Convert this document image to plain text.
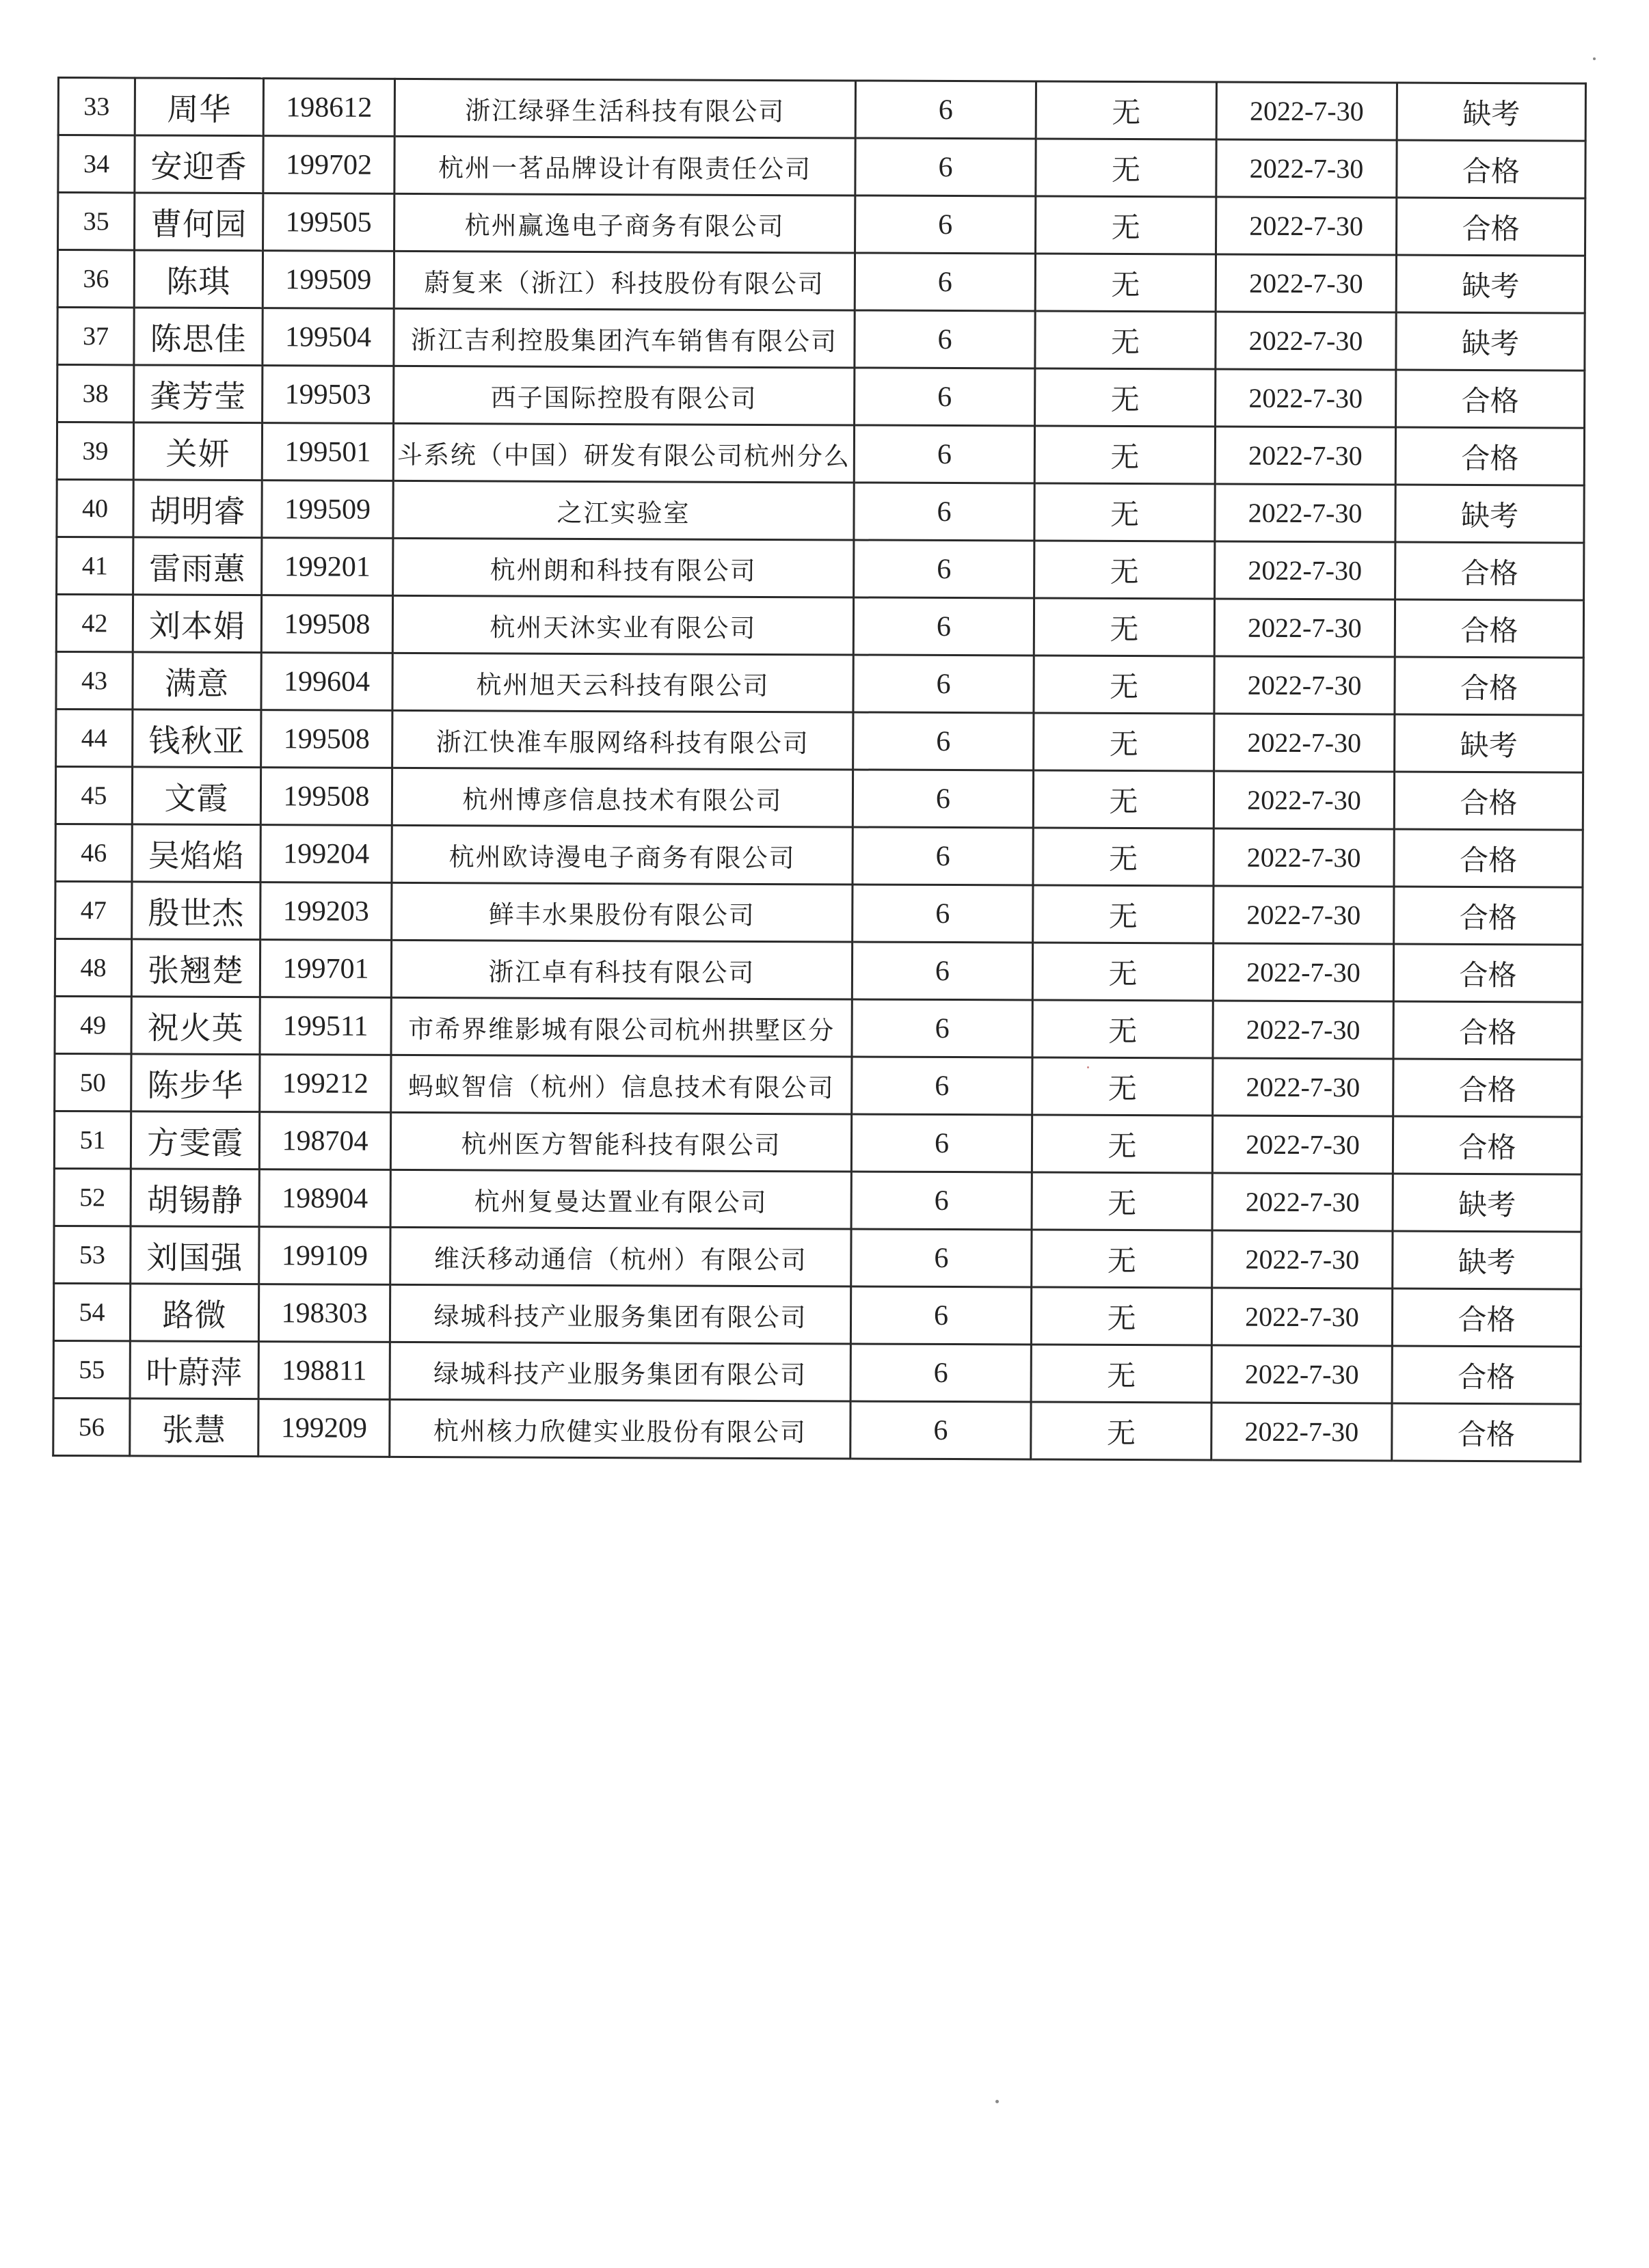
33	周华	198612	浙江绿驿生活科技有限公司	6	无	2022-7-30	缺考
34	安迎香	199702	杭州一茗品牌设计有限责任公司	6	无	2022-7-30	合格
35	曹何园	199505	杭州赢逸电子商务有限公司	6	无	2022-7-30	合格
36	陈琪	199509	蔚复来（浙江）科技股份有限公司	6	无	2022-7-30	缺考
37	陈思佳	199504	浙江吉利控股集团汽车销售有限公司	6	无	2022-7-30	缺考
38	龚芳莹	199503	西子国际控股有限公司	6	无	2022-7-30	合格
39	关妍	199501	斗系统（中国）研发有限公司杭州分么	6	无	2022-7-30	合格
40	胡明睿	199509	之江实验室	6	无	2022-7-30	缺考
41	雷雨蕙	199201	杭州朗和科技有限公司	6	无	2022-7-30	合格
42	刘本娟	199508	杭州天沐实业有限公司	6	无	2022-7-30	合格
43	满意	199604	杭州旭天云科技有限公司	6	无	2022-7-30	合格
44	钱秋亚	199508	浙江快准车服网络科技有限公司	6	无	2022-7-30	缺考
45	文霞	199508	杭州博彦信息技术有限公司	6	无	2022-7-30	合格
46	吴焰焰	199204	杭州欧诗漫电子商务有限公司	6	无	2022-7-30	合格
47	殷世杰	199203	鲜丰水果股份有限公司	6	无	2022-7-30	合格
48	张翘楚	199701	浙江卓有科技有限公司	6	无	2022-7-30	合格
49	祝火英	199511	市希界维影城有限公司杭州拱墅区分	6	无	2022-7-30	合格
50	陈步华	199212	蚂蚁智信（杭州）信息技术有限公司	6	无	2022-7-30	合格
51	方雯霞	198704	杭州医方智能科技有限公司	6	无	2022-7-30	合格
52	胡锡静	198904	杭州复曼达置业有限公司	6	无	2022-7-30	缺考
53	刘国强	199109	维沃移动通信（杭州）有限公司	6	无	2022-7-30	缺考
54	路微	198303	绿城科技产业服务集团有限公司	6	无	2022-7-30	合格
55	叶蔚萍	198811	绿城科技产业服务集团有限公司	6	无	2022-7-30	合格
56	张慧	199209	杭州核力欣健实业股份有限公司	6	无	2022-7-30	合格
